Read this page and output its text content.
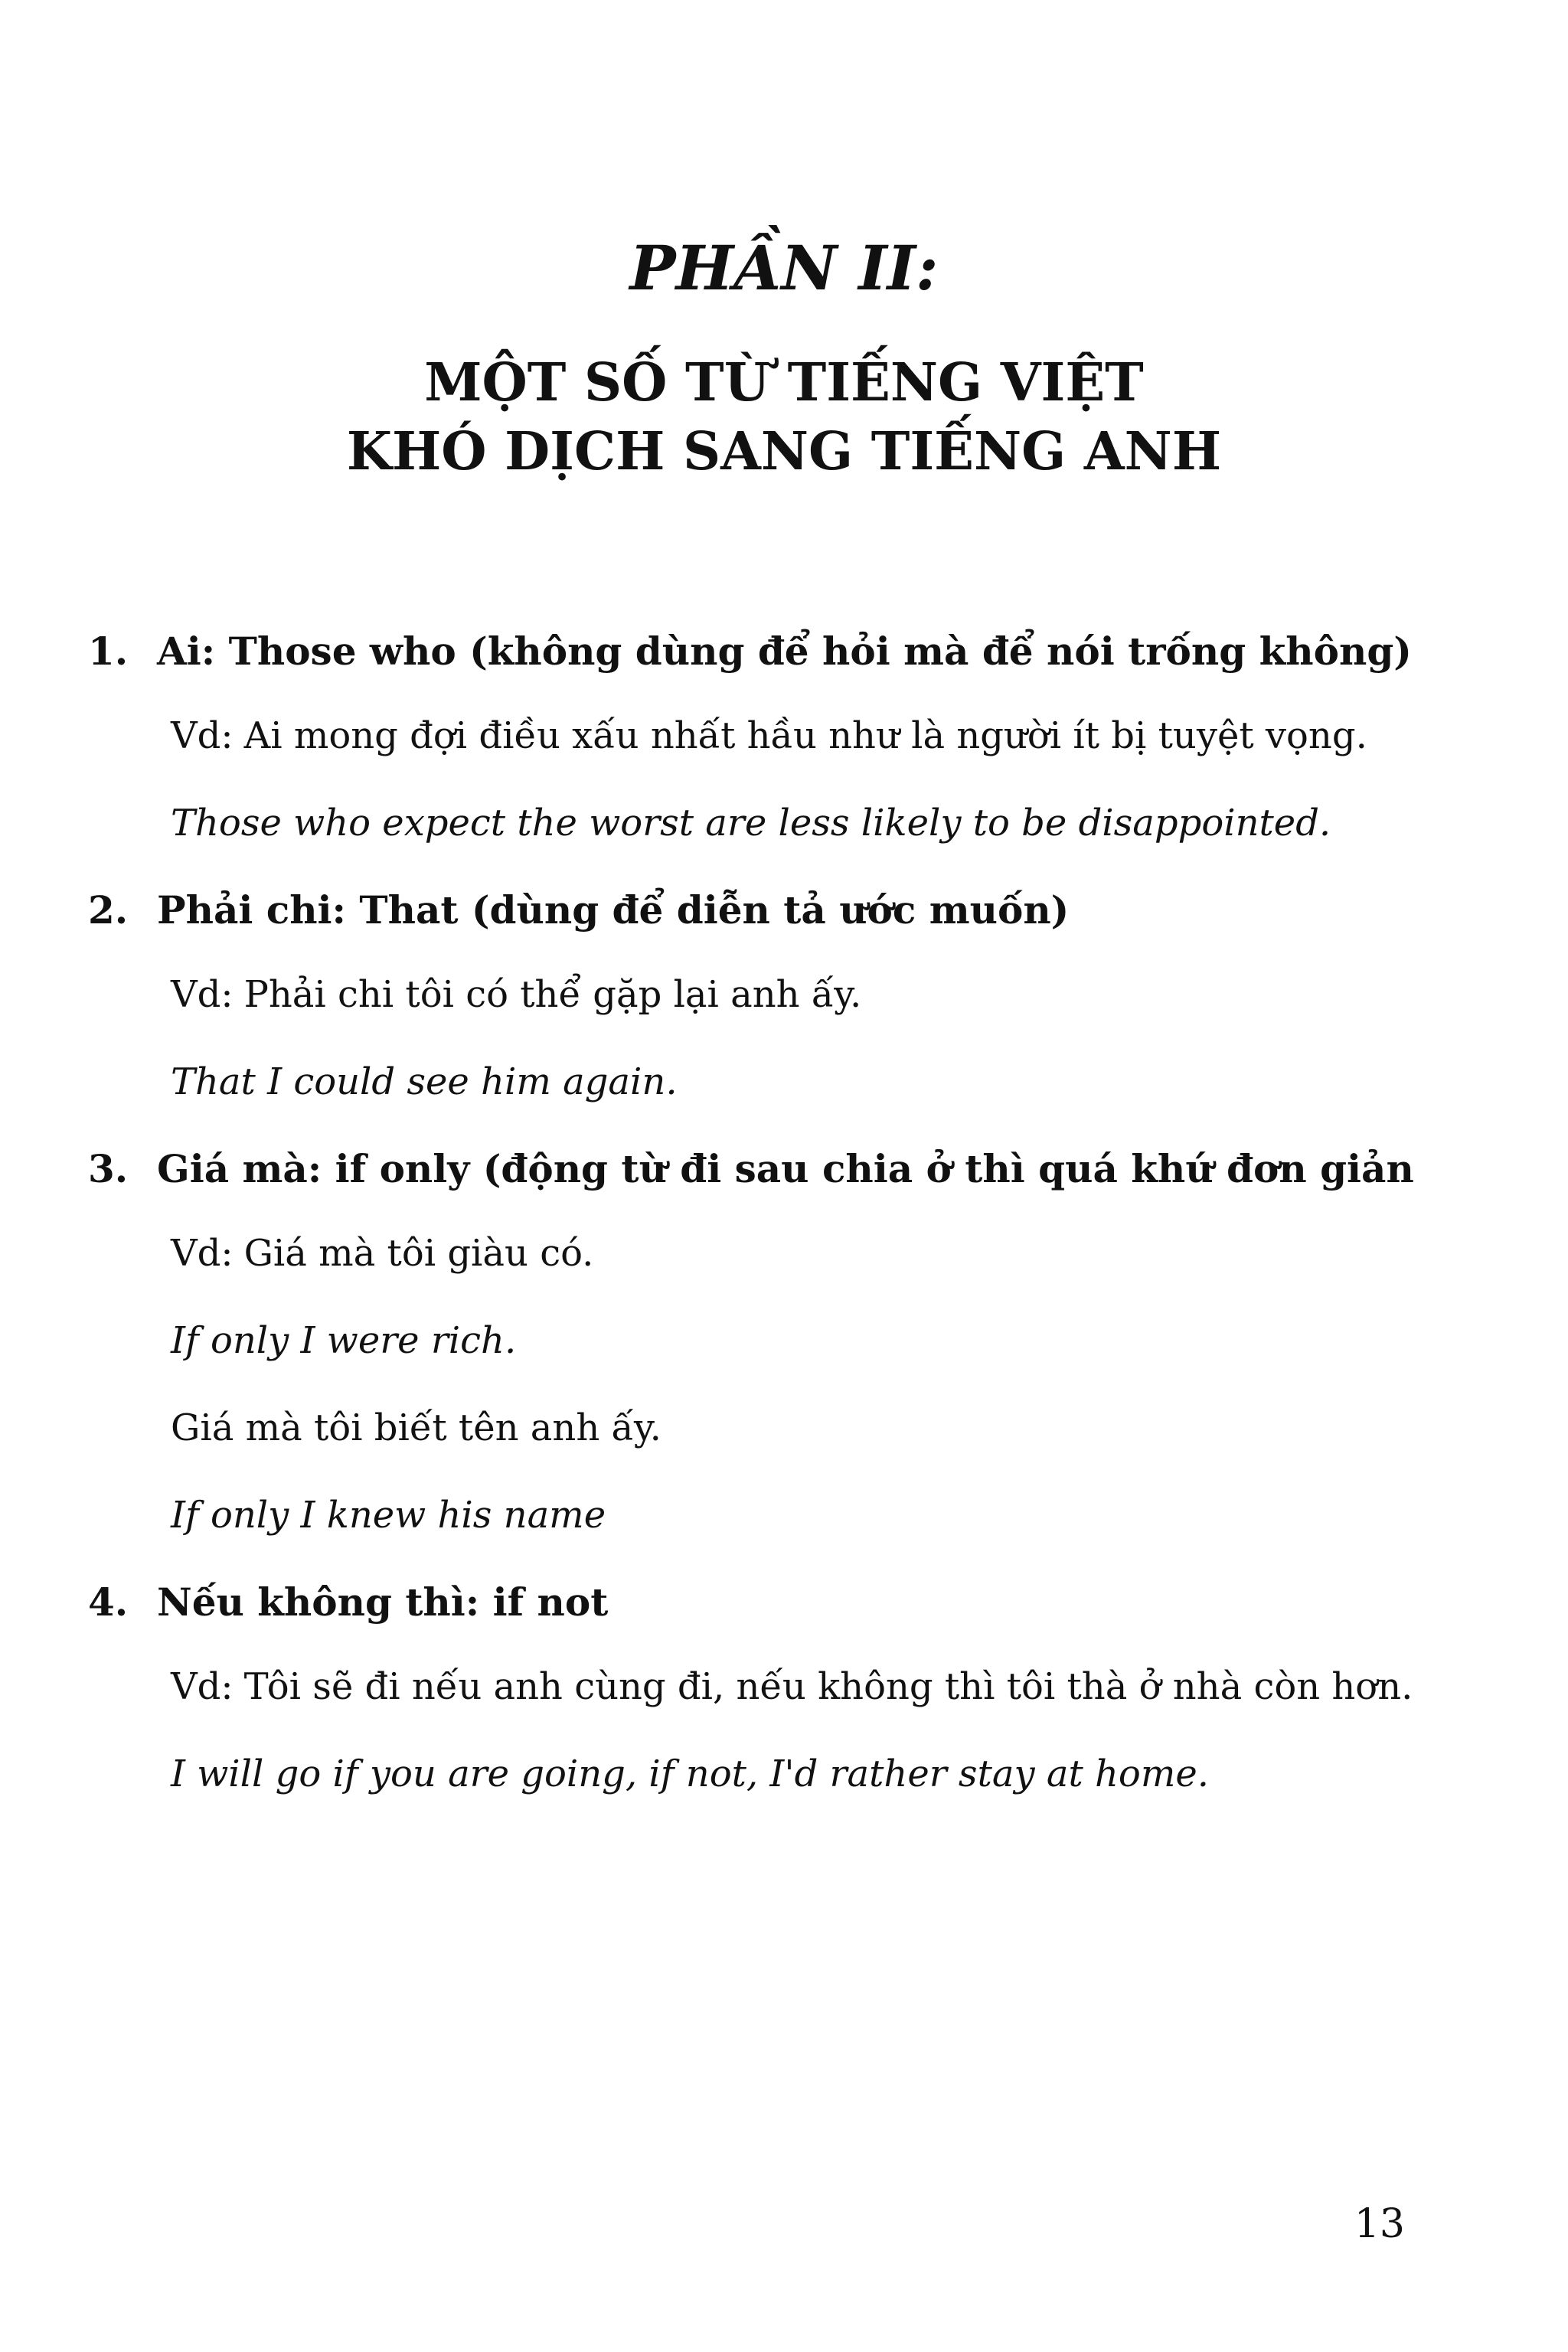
PHẦN II:
MỘT SỐ TỪ TIẾNG VIỆT
KHÓ DỊCH SANG TIẾNG ANH
1. Ai: Those who (không dùng để hỏi mà để nói trống không)
Vd: Ai mong đợi điều xấu nhất hầu như là người ít bị tuyệt vọng.
Those who expect the worst are less likely to be disappointed.
2. Phải chi: That (dùng để diễn tả ước muốn)
Vd: Phải chi tôi có thể gặp lại anh ấy.
That I could see him again.
3. Giá mà: if only (động từ đi sau chia ở thì quá khứ đơn giản
Vd: Giá mà tôi giàu có.
If only I were rich.
Giá mà tôi biết tên anh ấy.
If only I knew his name
4. Nếu không thì: if not
Vd: Tôi sẽ đi nếu anh cùng đi, nếu không thì tôi thà ở nhà còn hơn.
I will go if you are going, if not, I'd rather stay at home.
13
